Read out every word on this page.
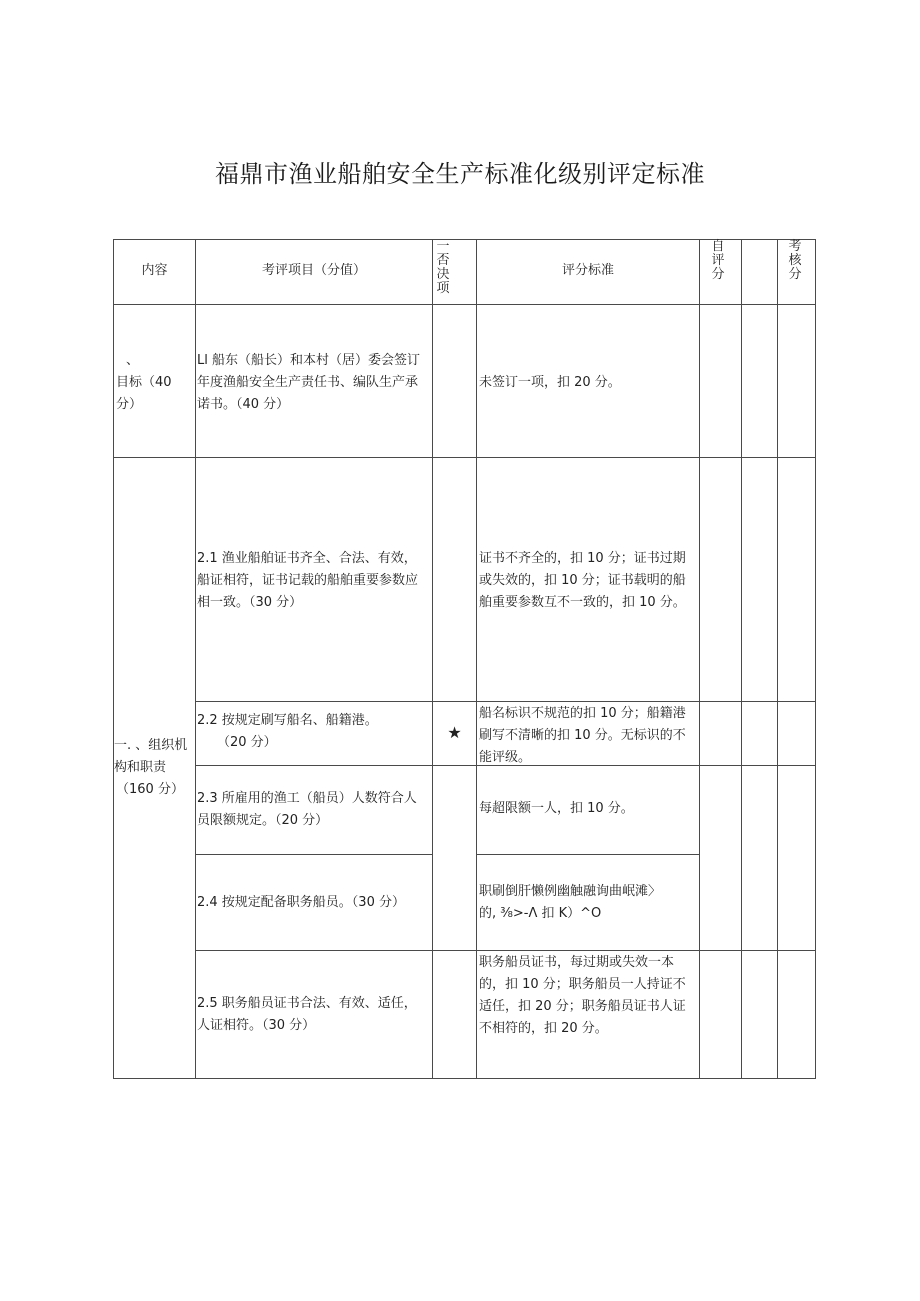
福鼎市渔业船舶安全生产标准化级别评定标准
内容	考评项目（分值）
一
否
决
项
评分标准
自
评
分
考
核
分
、
目标（40
分）
Ll 船东（船长）和本村（居）委会签订
年度渔船安全生产责任书、编队生产承
诺书。（40 分）
未签订一项，扣 20 分。
一. 、组织机
构和职责
（160 分）
2.1 渔业船舶证书齐全、合法、有效，
船证相符，证书记载的船舶重要参数应
相一致。（30 分）
证书不齐全的，扣 10 分；证书过期
或失效的，扣 10 分；证书载明的船
舶重要参数互不一致的，扣 10 分。
2.2 按规定刷写船名、船籍港。
（20 分）
★
船名标识不规范的扣 10 分；船籍港
刷写不清晰的扣 10 分。无标识的不
能评级。
2.3 所雇用的渔工（船员）人数符合人
员限额规定。（20 分）
每超限额一人，扣 10 分。
2.4 按规定配备职务船员。（30 分）
职刷倒肝懒例幽触融询曲岷滩〉
的, ⅜>-Λ 扣 K）^O
2.5 职务船员证书合法、有效、适任，
人证相符。（30 分）
职务船员证书，每过期或失效一本
的，扣 10 分；职务船员一人持证不
适任，扣 20 分；职务船员证书人证
不相符的，扣 20 分。
